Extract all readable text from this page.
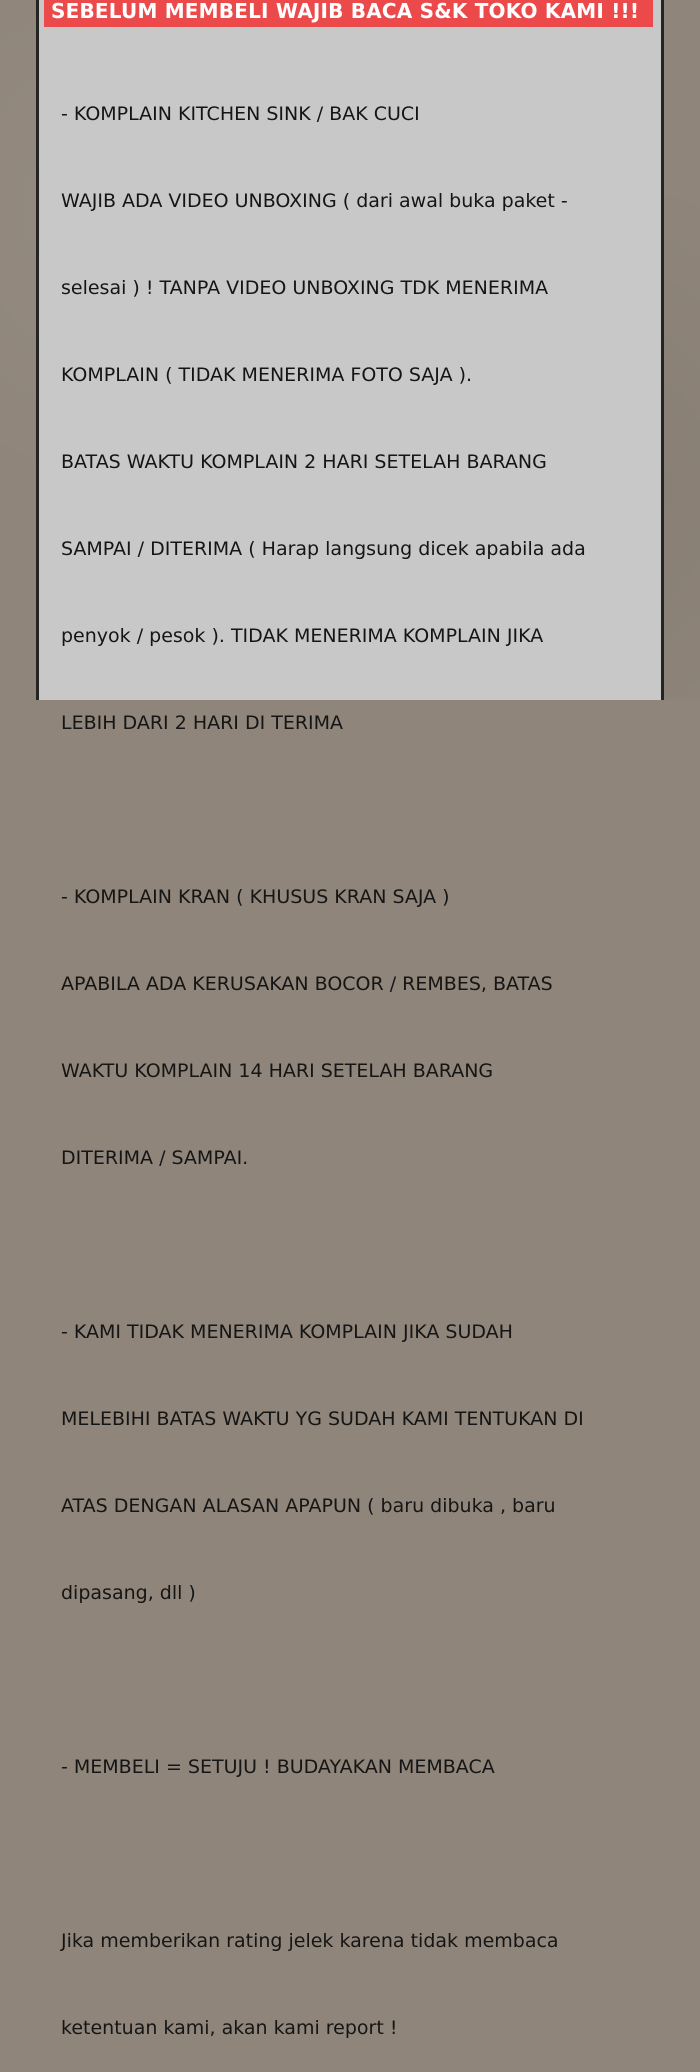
SEBELUM MEMBELI WAJIB BACA S&K TOKO KAMI !!!

- KOMPLAIN KITCHEN SINK / BAK CUCI

WAJIB ADA VIDEO UNBOXING ( dari awal buka paket -

selesai ) ! TANPA VIDEO UNBOXING TDK MENERIMA

KOMPLAIN ( TIDAK MENERIMA FOTO SAJA ).

BATAS WAKTU KOMPLAIN 2 HARI SETELAH BARANG

SAMPAI / DITERIMA ( Harap langsung dicek apabila ada

penyok / pesok ). TIDAK MENERIMA KOMPLAIN JIKA

LEBIH DARI 2 HARI DI TERIMA

- KOMPLAIN KRAN ( KHUSUS KRAN SAJA )

APABILA ADA KERUSAKAN BOCOR / REMBES, BATAS

WAKTU KOMPLAIN 14 HARI SETELAH BARANG

DITERIMA / SAMPAI.

- KAMI TIDAK MENERIMA KOMPLAIN JIKA SUDAH

MELEBIHI BATAS WAKTU YG SUDAH KAMI TENTUKAN DI

ATAS DENGAN ALASAN APAPUN ( baru dibuka , baru

dipasang, dll )

- MEMBELI = SETUJU ! BUDAYAKAN MEMBACA

Jika memberikan rating jelek karena tidak membaca

ketentuan kami, akan kami report !
